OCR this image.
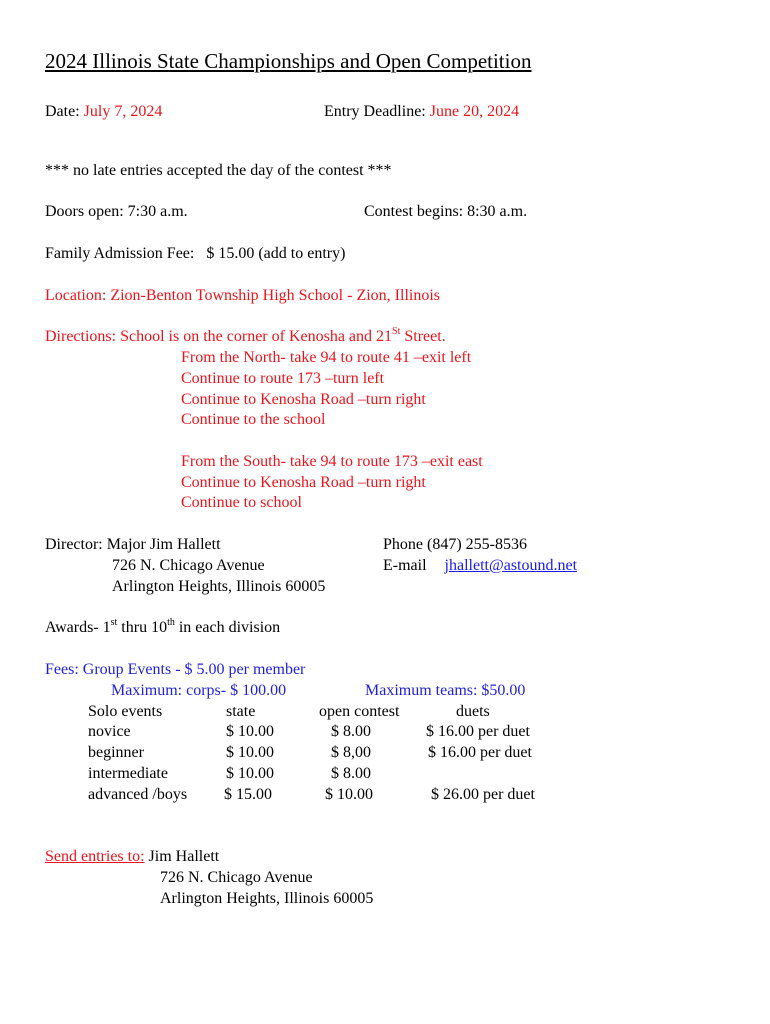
2024 Illinois State Championships and Open Competition
Date: July 7, 2024	Entry Deadline: June 20, 2024
*** no late entries accepted the day of the contest ***
Doors open: 7:30 a.m.	Contest begins: 8:30 a.m.
Family Admission Fee:   $ 15.00 (add to entry)
Location: Zion-Benton Township High School - Zion, Illinois
Directions: School is on the corner of Kenosha and 21St Street.
From the North- take 94 to route 41 –exit left
Continue to route 173 –turn left
Continue to Kenosha Road –turn right
Continue to the school
From the South- take 94 to route 173 –exit east
Continue to Kenosha Road –turn right
Continue to school
Director: Major Jim Hallett
726 N. Chicago Avenue
Arlington Heights, Illinois 60005
Phone (847) 255-8536
E-mail jhallett@astound.net
Awards- 1st thru 10th in each division
Fees: Group Events - $ 5.00 per member
Maximum: corps- $ 100.00	Maximum teams: $50.00
Solo events	state	open contest	duets
novice	$ 10.00	$ 8.00	$ 16.00 per duet
beginner	$ 10.00	$ 8,00	$ 16.00 per duet
intermediate	$ 10.00	$ 8.00
advanced /boys $ 15.00	$ 10.00	$ 26.00 per duet
Send entries to: Jim Hallett
726 N. Chicago Avenue
Arlington Heights, Illinois 60005
